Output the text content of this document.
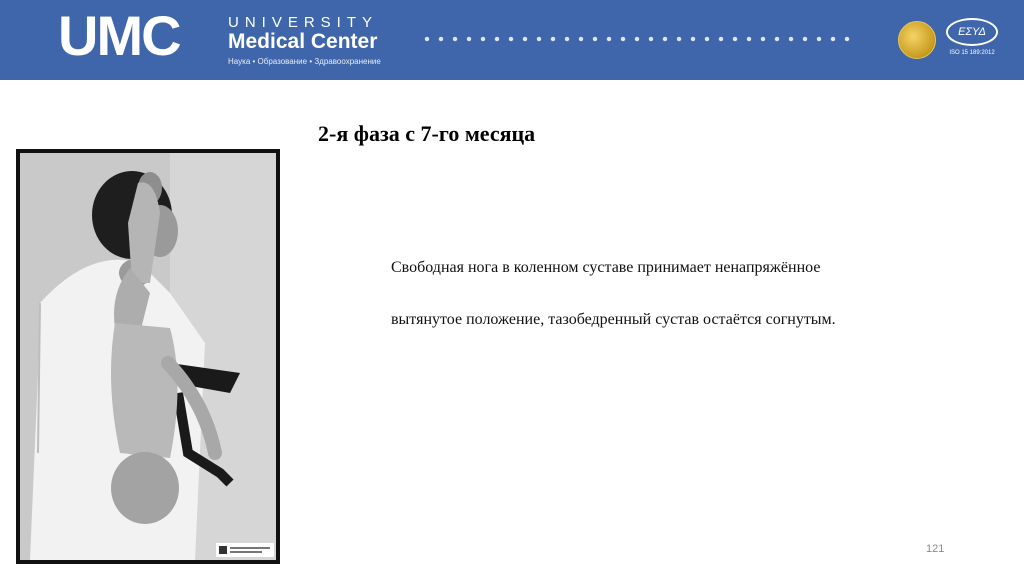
UMC	UNIVERSITY
Medical Center
Наука • Образование • Здравоохранение
ΕΣΥΔ
ISO 15 189:2012
2-я фаза с 7-го месяца
Свободная нога в коленном суставе принимает ненапряжённое
вытянутое положение, тазобедренный сустав остаётся согнутым.
121
